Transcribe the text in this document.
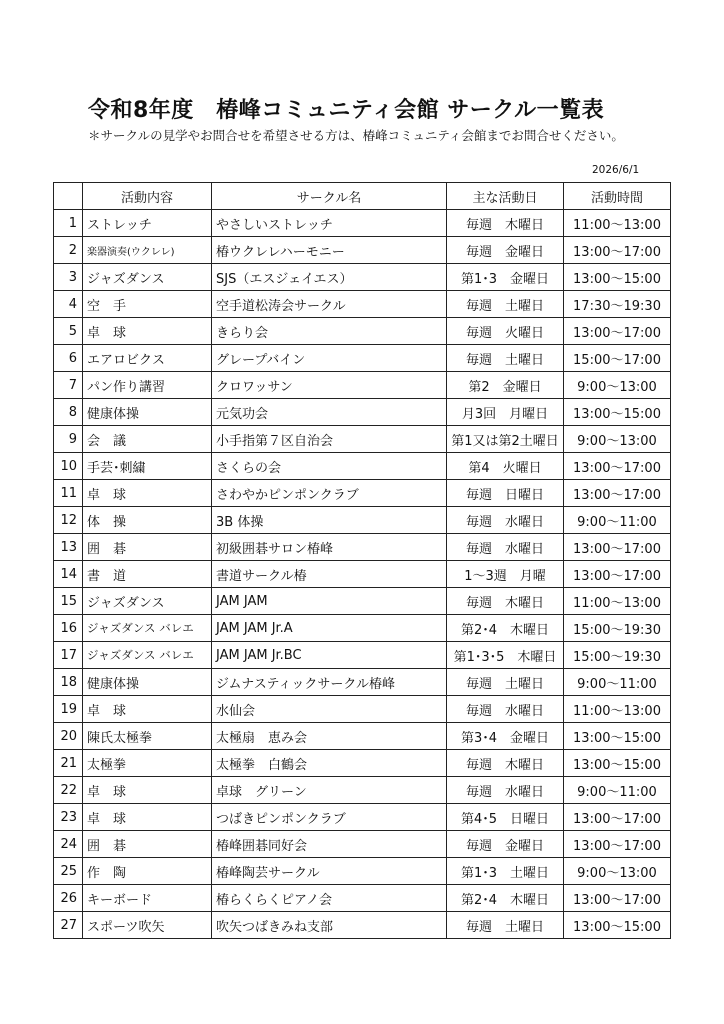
令和8年度　椿峰コミュニティ会館 サークル一覧表
＊サークルの見学やお問合せを希望させる方は、椿峰コミュニティ会館までお問合せください。
2026/6/1
	活動内容	サークル名	主な活動日	活動時間
1	ストレッチ	やさしいストレッチ	毎週　木曜日	11:00～13:00
2	楽器演奏(ウクレレ)	椿ウクレレハーモニー	毎週　金曜日	13:00～17:00
3	ジャズダンス	SJS（エスジェイエス）	第1･3　金曜日	13:00～15:00
4	空　手	空手道松涛会サークル	毎週　土曜日	17:30～19:30
5	卓　球	きらり会	毎週　火曜日	13:00～17:00
6	エアロビクス	グレープバイン	毎週　土曜日	15:00～17:00
7	パン作り講習	クロワッサン	第2　金曜日	9:00～13:00
8	健康体操	元気功会	月3回　月曜日	13:00～15:00
9	会　議	小手指第７区自治会	第1又は第2土曜日	9:00～13:00
10	手芸･刺繍	さくらの会	第4　火曜日	13:00～17:00
11	卓　球	さわやかピンポンクラブ	毎週　日曜日	13:00～17:00
12	体　操	3B 体操	毎週　水曜日	9:00～11:00
13	囲　碁	初級囲碁サロン椿峰	毎週　水曜日	13:00～17:00
14	書　道	書道サークル椿	1～3週　月曜	13:00～17:00
15	ジャズダンス	JAM JAM	毎週　木曜日	11:00～13:00
16	ジャズダンス バレエ	JAM JAM Jr.A	第2･4　木曜日	15:00～19:30
17	ジャズダンス バレエ	JAM JAM Jr.BC	第1･3･5　木曜日	15:00～19:30
18	健康体操	ジムナスティックサークル椿峰	毎週　土曜日	9:00～11:00
19	卓　球	水仙会	毎週　水曜日	11:00～13:00
20	陳氏太極拳	太極扇　恵み会	第3･4　金曜日	13:00～15:00
21	太極拳	太極拳　白鶴会	毎週　木曜日	13:00～15:00
22	卓　球	卓球　グリーン	毎週　水曜日	9:00～11:00
23	卓　球	つばきピンポンクラブ	第4･5　日曜日	13:00～17:00
24	囲　碁	椿峰囲碁同好会	毎週　金曜日	13:00～17:00
25	作　陶	椿峰陶芸サークル	第1･3　土曜日	9:00～13:00
26	キーボード	椿らくらくピアノ会	第2･4　木曜日	13:00～17:00
27	スポーツ吹矢	吹矢つばきみね支部	毎週　土曜日	13:00～15:00
